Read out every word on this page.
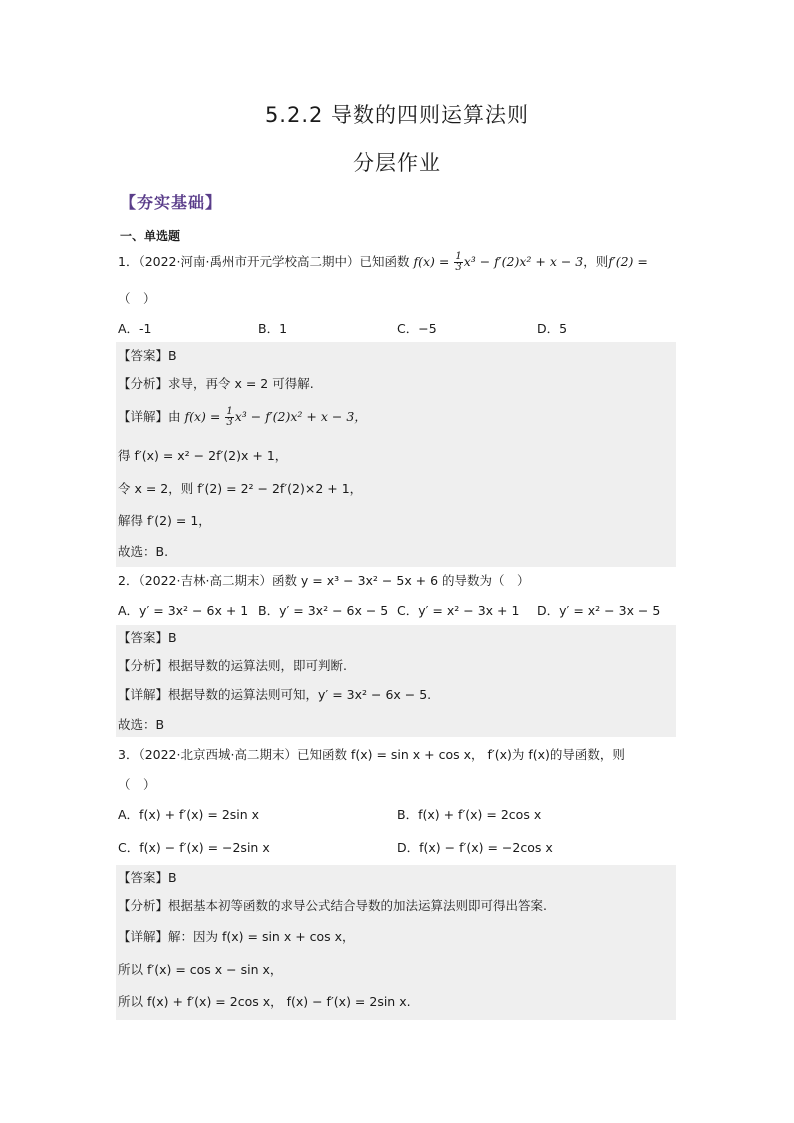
5.2.2 导数的四则运算法则
分层作业
【夯实基础】
一、单选题
1．（2022·河南·禹州市开元学校高二期中）已知函数 $f(x) = \frac{1}{3} x^3 - f'(2)x^2 + x - 3$，则f′(2) =
（　）
A．-1	B．1	C．−5	D．5
【答案】B
【分析】求导，再令 x = 2 可得解.
【详解】由 $f(x) = \frac{1}{3} x^3 - f'(2)x^2 + x - 3$，
得 f′(x) = x² − 2f′(2)x + 1，
令 x = 2，则 f′(2) = 2² − 2f′(2)×2 + 1，
解得 f′(2) = 1，
故选：B.
2．（2022·吉林·高二期末）函数 y = x³ − 3x² − 5x + 6 的导数为（　）
A．y′ = 3x² − 6x + 1 B．y′ = 3x² − 6x − 5 C．y′ = x² − 3x + 1 D．y′ = x² − 3x − 5
【答案】B
【分析】根据导数的运算法则，即可判断.
【详解】根据导数的运算法则可知，y′ = 3x² − 6x − 5.
故选：B
3．（2022·北京西城·高二期末）已知函数 f(x) = sin x + cos x， f′(x)为 f(x)的导函数，则
（　）
A．f(x) + f′(x) = 2sin x	B．f(x) + f′(x) = 2cos x
C．f(x) − f′(x) = −2sin x	D．f(x) − f′(x) = −2cos x
【答案】B
【分析】根据基本初等函数的求导公式结合导数的加法运算法则即可得出答案.
【详解】解：因为 f(x) = sin x + cos x，
所以 f′(x) = cos x − sin x，
所以 f(x) + f′(x) = 2cos x， f(x) − f′(x) = 2sin x.
